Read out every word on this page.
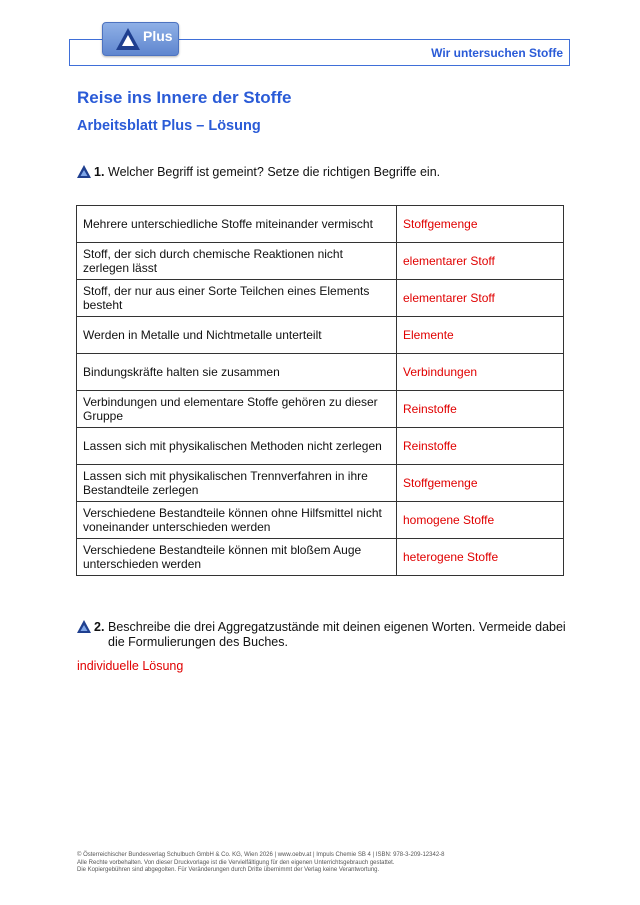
Wir untersuchen Stoffe
Plus
Reise ins Innere der Stoffe
Arbeitsblatt Plus – Lösung
1. Welcher Begriff ist gemeint? Setze die richtigen Begriffe ein.
Mehrere unterschiedliche Stoffe miteinander vermischt	Stoffgemenge
Stoff, der sich durch chemische Reaktionen nicht zerlegen lässt	elementarer Stoff
Stoff, der nur aus einer Sorte Teilchen eines Elements besteht	elementarer Stoff
Werden in Metalle und Nichtmetalle unterteilt	Elemente
Bindungskräfte halten sie zusammen	Verbindungen
Verbindungen und elementare Stoffe gehören zu dieser Gruppe	Reinstoffe
Lassen sich mit physikalischen Methoden nicht zerlegen	Reinstoffe
Lassen sich mit physikalischen Trennverfahren in ihre Bestandteile zerlegen	Stoffgemenge
Verschiedene Bestandteile können ohne Hilfsmittel nicht voneinander unterschieden werden	homogene Stoffe
Verschiedene Bestandteile können mit bloßem Auge unterschieden werden	heterogene Stoffe
2. Beschreibe die drei Aggregatzustände mit deinen eigenen Worten. Vermeide dabei die Formulierungen des Buches.
individuelle Lösung
© Österreichischer Bundesverlag Schulbuch GmbH & Co. KG, Wien 2026 | www.oebv.at | Impuls Chemie SB 4 | ISBN: 978-3-209-12342-8
Alle Rechte vorbehalten. Von dieser Druckvorlage ist die Vervielfältigung für den eigenen Unterrichtsgebrauch gestattet.
Die Kopiergebühren sind abgegolten. Für Veränderungen durch Dritte übernimmt der Verlag keine Verantwortung.
